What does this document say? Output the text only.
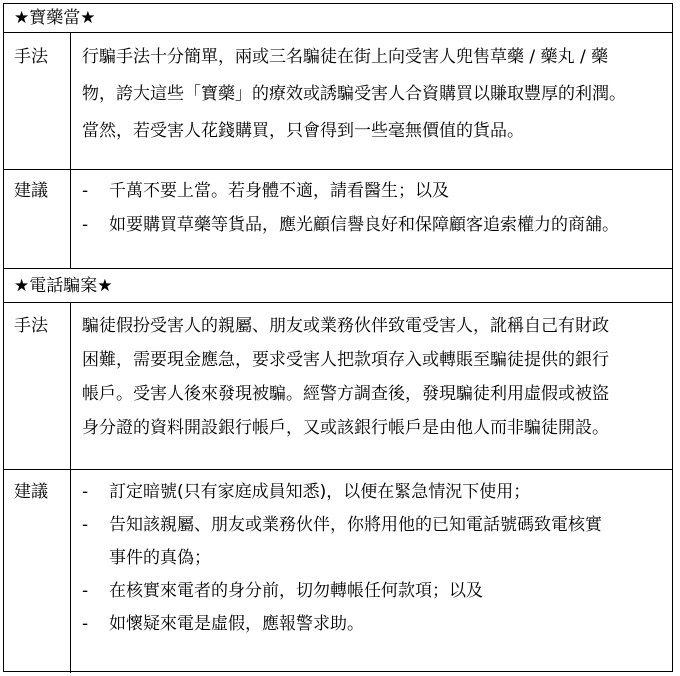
★寶藥當★
手法 行騙手法十分簡單，兩或三名騙徒在街上向受害人兜售草藥 / 藥丸 / 藥
物，誇大這些「寶藥」的療效或誘騙受害人合資購買以賺取豐厚的利潤。
當然，若受害人花錢購買，只會得到一些毫無價值的貨品。
建議 - 千萬不要上當。若身體不適，請看醫生；以及
- 如要購買草藥等貨品，應光顧信譽良好和保障顧客追索權力的商舖。
★電話騙案★
手法 騙徒假扮受害人的親屬、朋友或業務伙伴致電受害人，訛稱自己有財政
困難，需要現金應急，要求受害人把款項存入或轉賬至騙徒提供的銀行
帳戶。受害人後來發現被騙。經警方調查後，發現騙徒利用虛假或被盜
身分證的資料開設銀行帳戶，又或該銀行帳戶是由他人而非騙徒開設。
建議 - 訂定暗號(只有家庭成員知悉)，以便在緊急情況下使用；
- 告知該親屬、朋友或業務伙伴，你將用他的已知電話號碼致電核實
事件的真偽；
- 在核實來電者的身分前，切勿轉帳任何款項；以及
- 如懷疑來電是虛假，應報警求助。
